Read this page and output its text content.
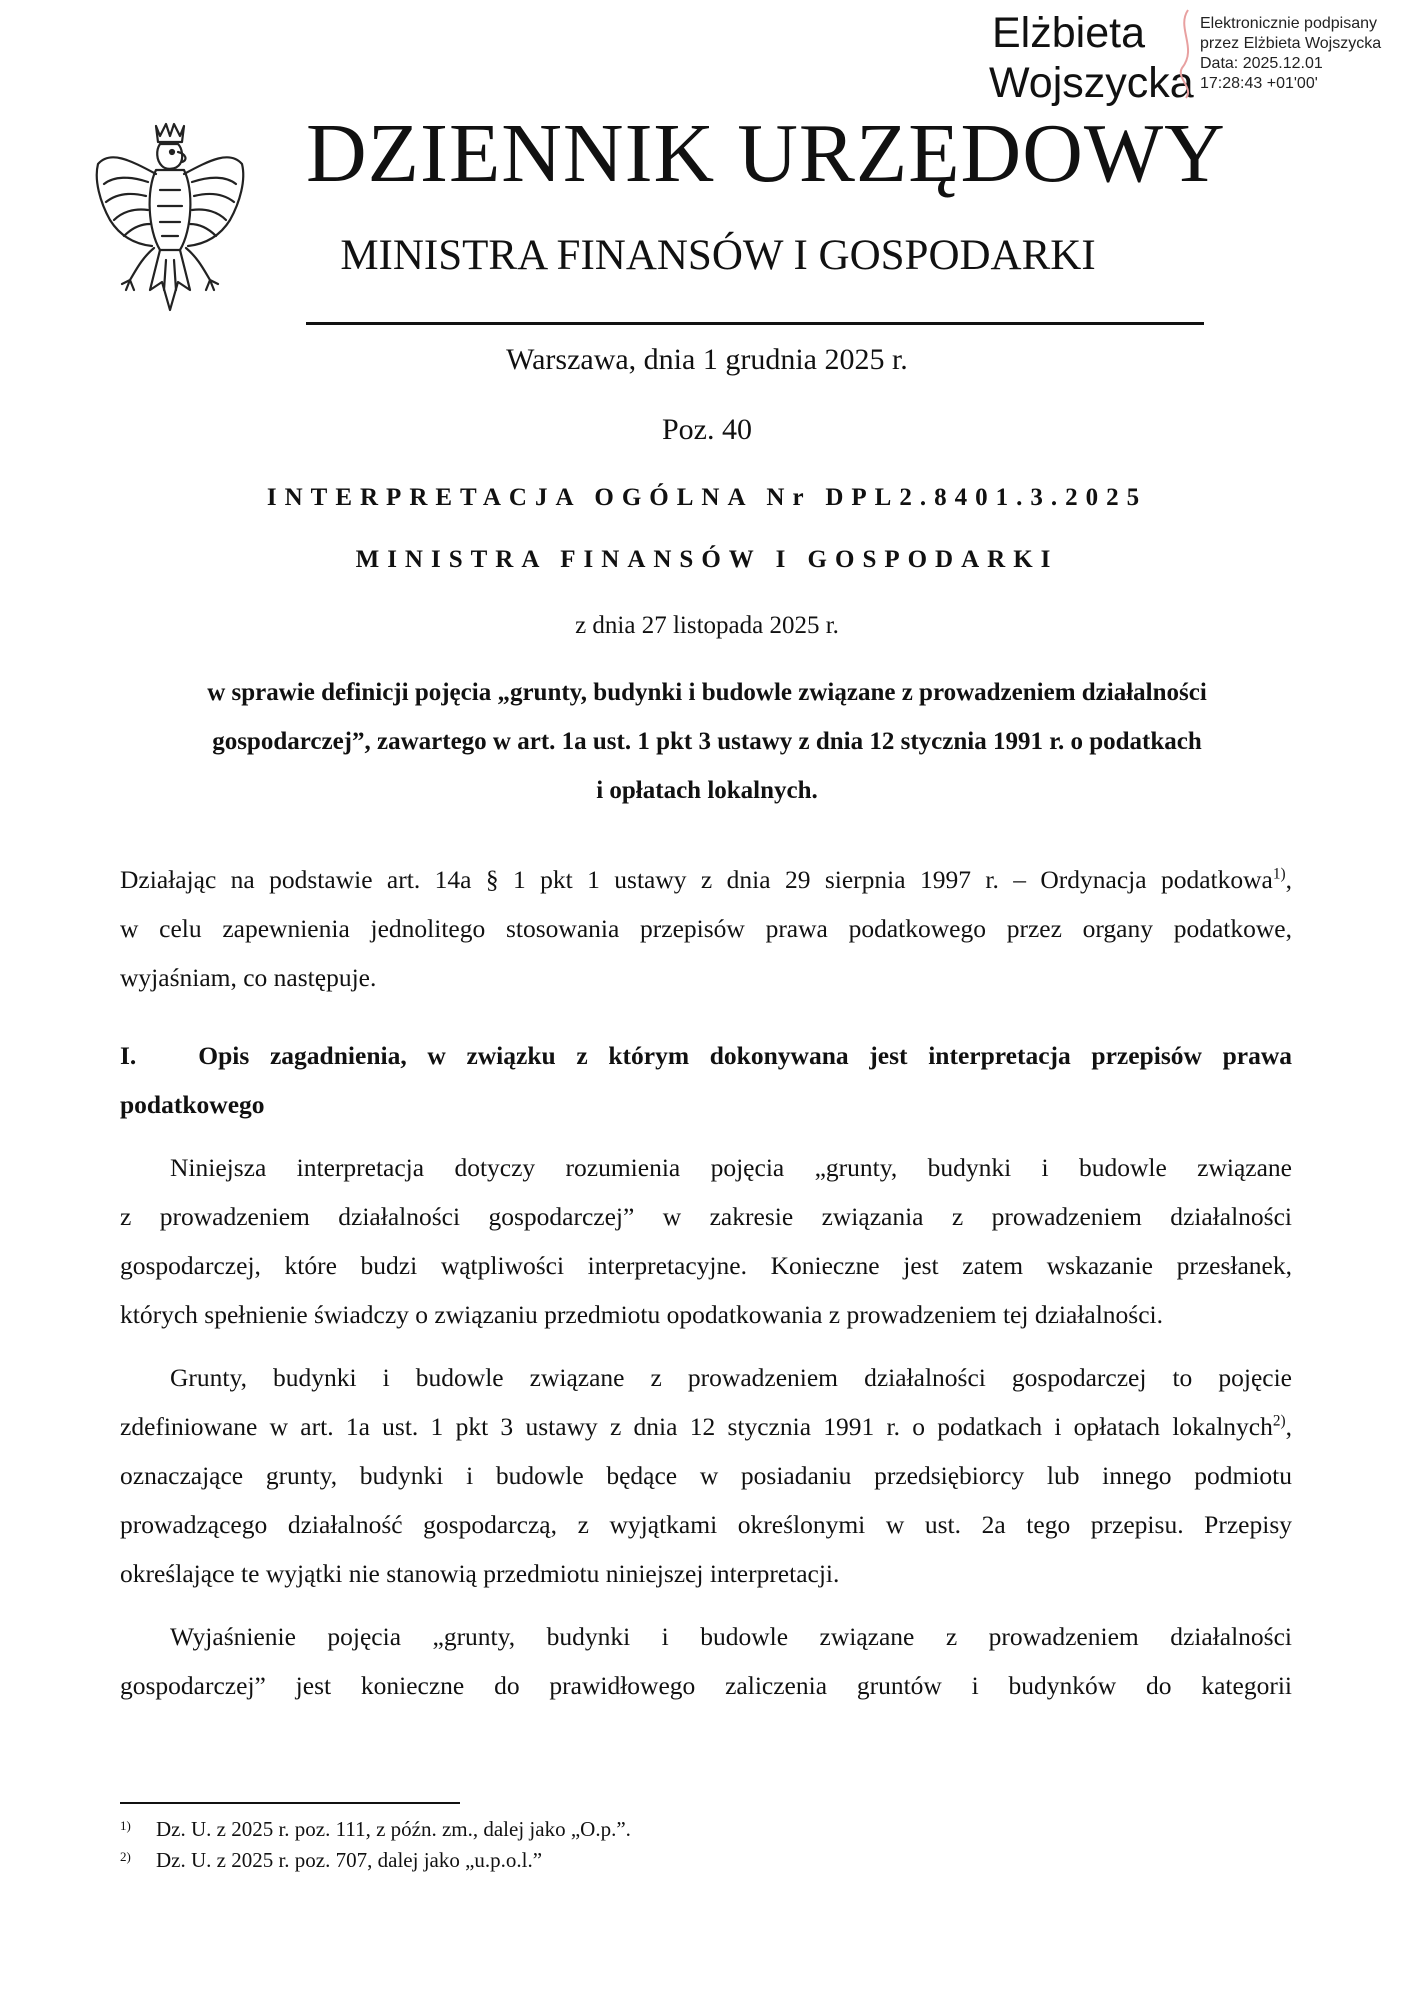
Elżbieta
Wojszycka
Elektronicznie podpisany
przez Elżbieta Wojszycka
Data: 2025.12.01
17:28:43 +01'00'
DZIENNIK URZĘDOWY
MINISTRA FINANSÓW I GOSPODARKI
Warszawa, dnia 1 grudnia 2025 r.
Poz. 40
INTERPRETACJA OGÓLNA Nr DPL2.8401.3.2025
MINISTRA FINANSÓW I GOSPODARKI
z dnia 27 listopada 2025 r.
w sprawie definicji pojęcia „grunty, budynki i budowle związane z prowadzeniem działalności
gospodarczej”, zawartego w art. 1a ust. 1 pkt 3 ustawy z dnia 12 stycznia 1991 r. o podatkach
i opłatach lokalnych.
Działając na podstawie art. 14a § 1 pkt 1 ustawy z dnia 29 sierpnia 1997 r. – Ordynacja podatkowa$^{1)}$,
w celu zapewnienia jednolitego stosowania przepisów prawa podatkowego przez organy podatkowe,
wyjaśniam, co następuje.
I.   Opis zagadnienia, w związku z którym dokonywana jest interpretacja przepisów prawa
podatkowego
Niniejsza interpretacja dotyczy rozumienia pojęcia „grunty, budynki i budowle związane
z prowadzeniem działalności gospodarczej” w zakresie związania z prowadzeniem działalności
gospodarczej, które budzi wątpliwości interpretacyjne. Konieczne jest zatem wskazanie przesłanek,
których spełnienie świadczy o związaniu przedmiotu opodatkowania z prowadzeniem tej działalności.
Grunty, budynki i budowle związane z prowadzeniem działalności gospodarczej to pojęcie
zdefiniowane w art. 1a ust. 1 pkt 3 ustawy z dnia 12 stycznia 1991 r. o podatkach i opłatach lokalnych$^{2)}$,
oznaczające grunty, budynki i budowle będące w posiadaniu przedsiębiorcy lub innego podmiotu
prowadzącego działalność gospodarczą, z wyjątkami określonymi w ust. 2a tego przepisu. Przepisy
określające te wyjątki nie stanowią przedmiotu niniejszej interpretacji.
Wyjaśnienie pojęcia „grunty, budynki i budowle związane z prowadzeniem działalności
gospodarczej” jest konieczne do prawidłowego zaliczenia gruntów i budynków do kategorii
1) Dz. U. z 2025 r. poz. 111, z późn. zm., dalej jako „O.p.”.
2) Dz. U. z 2025 r. poz. 707, dalej jako „u.p.o.l.”
